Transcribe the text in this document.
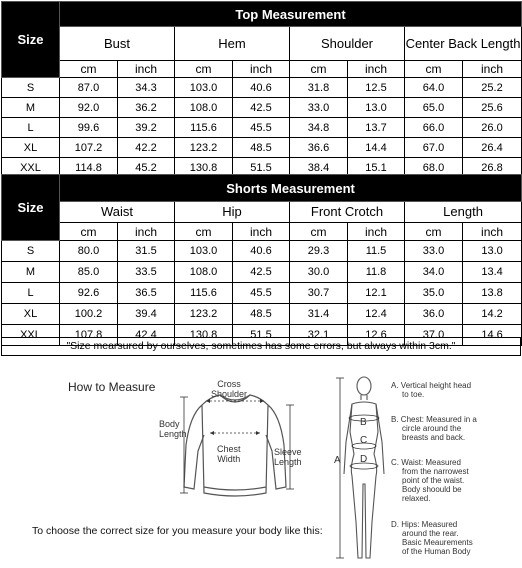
Size	Top Measurement							
	Bust		Hem		Shoulder		Center Back Length	
	cm	inch	cm	inch	cm	inch	cm	inch
S	87.0	34.3	103.0	40.6	31.8	12.5	64.0	25.2
M	92.0	36.2	108.0	42.5	33.0	13.0	65.0	25.6
L	99.6	39.2	115.6	45.5	34.8	13.7	66.0	26.0
XL	107.2	42.2	123.2	48.5	36.6	14.4	67.0	26.4
XXL	114.8	45.2	130.8	51.5	38.4	15.1	68.0	26.8
Size	Shorts Measurement							
	Waist		Hip		Front Crotch		Length	
	cm	inch	cm	inch	cm	inch	cm	inch
S	80.0	31.5	103.0	40.6	29.3	11.5	33.0	13.0
M	85.0	33.5	108.0	42.5	30.0	11.8	34.0	13.4
L	92.6	36.5	115.6	45.5	30.7	12.1	35.0	13.8
XL	100.2	39.4	123.2	48.5	31.4	12.4	36.0	14.2
XXL	107.8	42.4	130.8	51.5	32.1	12.6	37.0	14.6
"Size mearsured by ourselves, sometimes has some errors, but always within 3cm."
How to Measure	Cross
Shoulder
Body
Length
Chest
Width
Sleeve
Length
To choose the correct size for you measure your body like this:
A
B
C
D
A. Vertical height head
to toe.
B. Chest: Measured in a
circle around the
breasts and back.
C. Waist: Measured
from the narrowest
point of the waist.
Body shoould be
relaxed.
D. Hips: Measured
around the rear.
Basic Meaurements
of the Human Body
